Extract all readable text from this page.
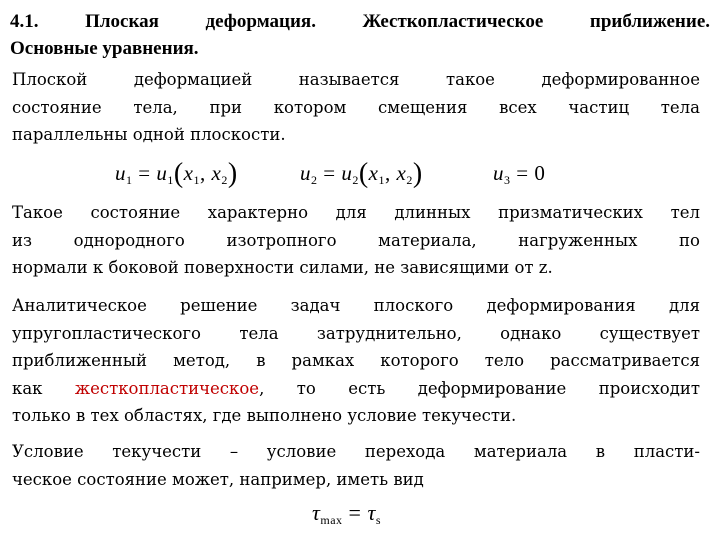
4.1. Плоская деформация. Жесткопластическое приближение.
Основные уравнения.
Плоской деформацией называется такое деформированное
состояние тела, при котором смещения всех частиц тела
параллельны одной плоскости.
$u_1 = u_1(x_1$, $x_2$)	$u_2 = u_2(x_1$, $x_2$)	$u_3 = 0$
Такое состояние характерно для длинных призматических тел
из однородного изотропного материала, нагруженных по
нормали к боковой поверхности силами, не зависящими от z.
Аналитическое решение задач плоского деформирования для
упругопластического тела затруднительно, однако существует
приближенный метод, в рамках которого тело рассматривается
как жесткопластическое, то есть деформирование происходит
только в тех областях, где выполнено условие текучести.
Условие текучести – условие перехода материала в пласти-
ческое состояние может, например, иметь вид
$\tau_{max} = \tau_s$
